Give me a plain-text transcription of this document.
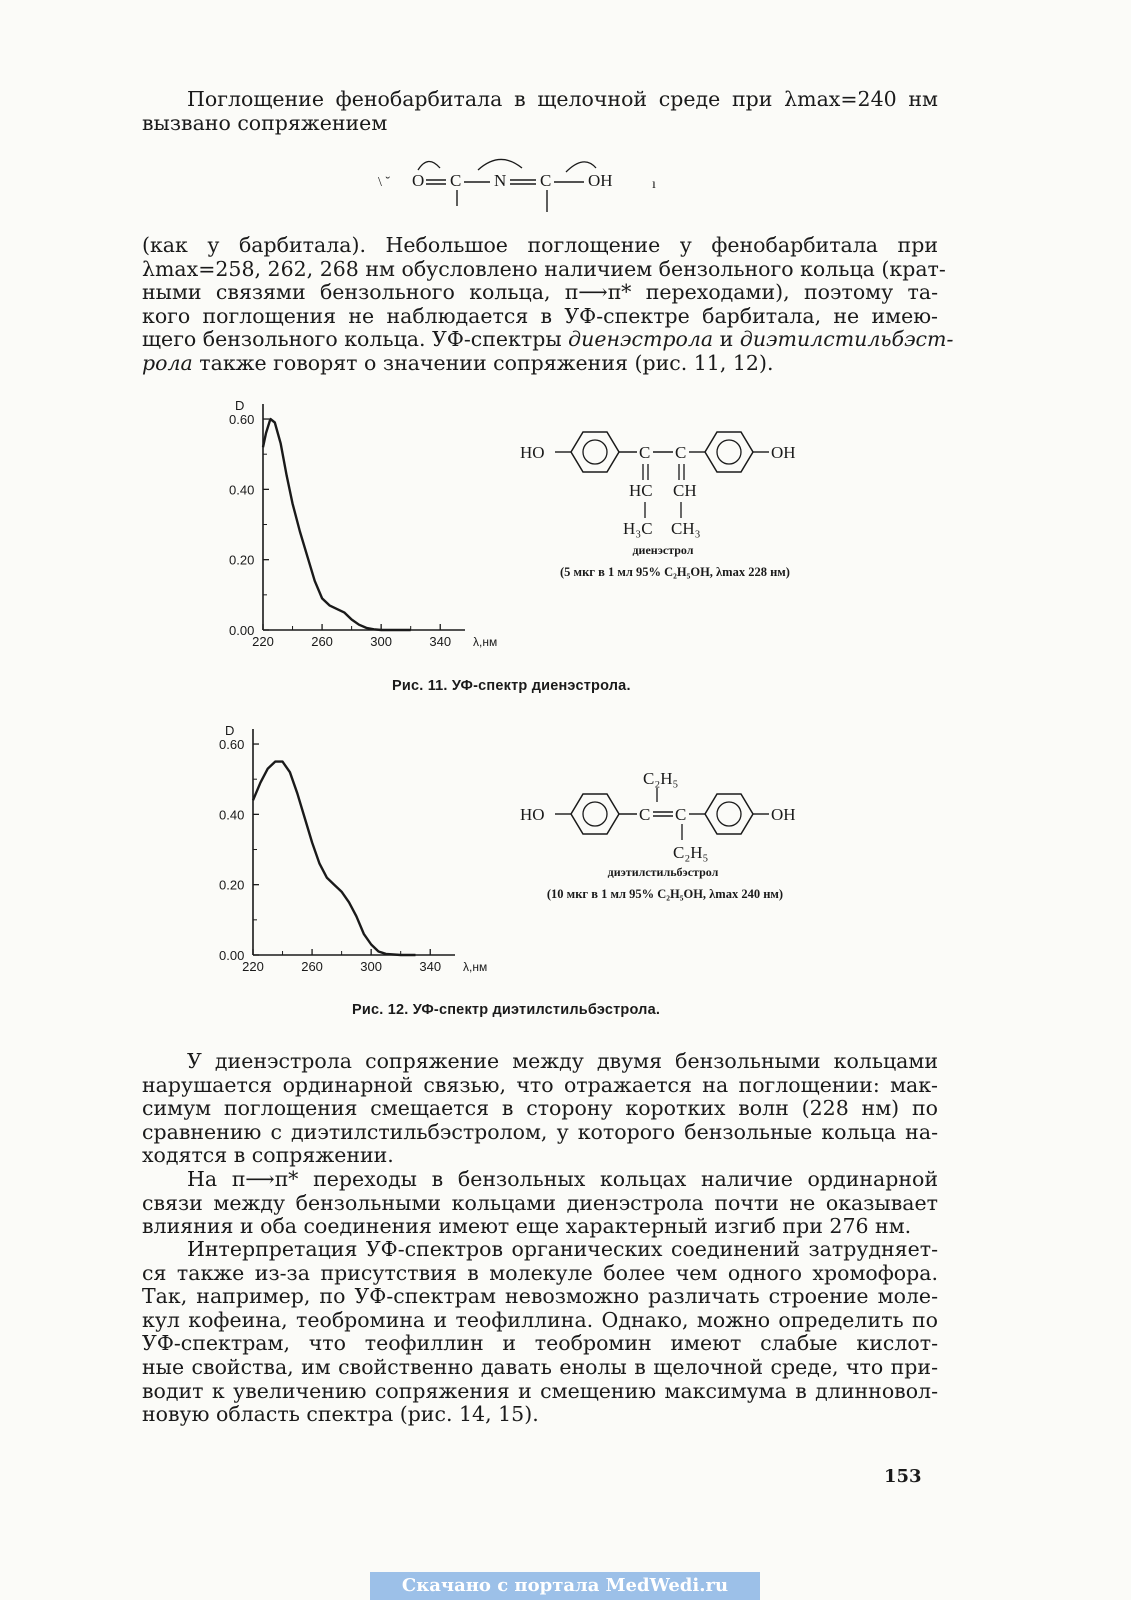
Поглощение фенобарбитала в щелочной среде при λmax=240 нм
вызвано сопряжением

O C N C OH
\ ˘	ı

(как у барбитала). Небольшое поглощение у фенобарбитала при
λmax=258, 262, 268 нм обусловлено наличием бензольного кольца (крат-
ными связями бензольного кольца, π⟶π* переходами), поэтому та-
кого поглощения не наблюдается в УФ-спектре барбитала, не имею-
щего бензольного кольца. УФ-спектры диенэстрола и диэтилстильбэст-
рола также говорят о значении сопряжения (рис. 11, 12).

D
λ,нм
0.00
0.20
0.40
0.60
220	260	300	340
HO	C C	OH
HC CH
H₃C CH₃
диенэстрол
(5 мкг в 1 мл 95% C₂H₅OH, λmax 228 нм)
Рис. 11. УФ-спектр диенэстрола.
D
λ,нм
0.00
0.20
0.40
0.60
220	260	300	340
C₂H₅
HO	C C	OH
C₂H₅
диэтилстильбэстрол
(10 мкг в 1 мл 95% C₂H₅OH, λmax 240 нм)
Рис. 12. УФ-спектр диэтилстильбэстрола.

У диенэстрола сопряжение между двумя бензольными кольцами
нарушается ординарной связью, что отражается на поглощении: мак-
симум поглощения смещается в сторону коротких волн (228 нм) по
сравнению с диэтилстильбэстролом, у которого бензольные кольца на-
ходятся в сопряжении.

На π⟶π* переходы в бензольных кольцах наличие ординарной
связи между бензольными кольцами диенэстрола почти не оказывает
влияния и оба соединения имеют еще характерный изгиб при 276 нм.

Интерпретация УФ-спектров органических соединений затрудняет-
ся также из-за присутствия в молекуле более чем одного хромофора.
Так, например, по УФ-спектрам невозможно различать строение моле-
кул кофеина, теобромина и теофиллина. Однако, можно определить по
УФ-спектрам, что теофиллин и теобромин имеют слабые кислот-
ные свойства, им свойственно давать енолы в щелочной среде, что при-
водит к увеличению сопряжения и смещению максимума в длинновол-
новую область спектра (рис. 14, 15).

153
Скачано с портала MedWedi.ru
